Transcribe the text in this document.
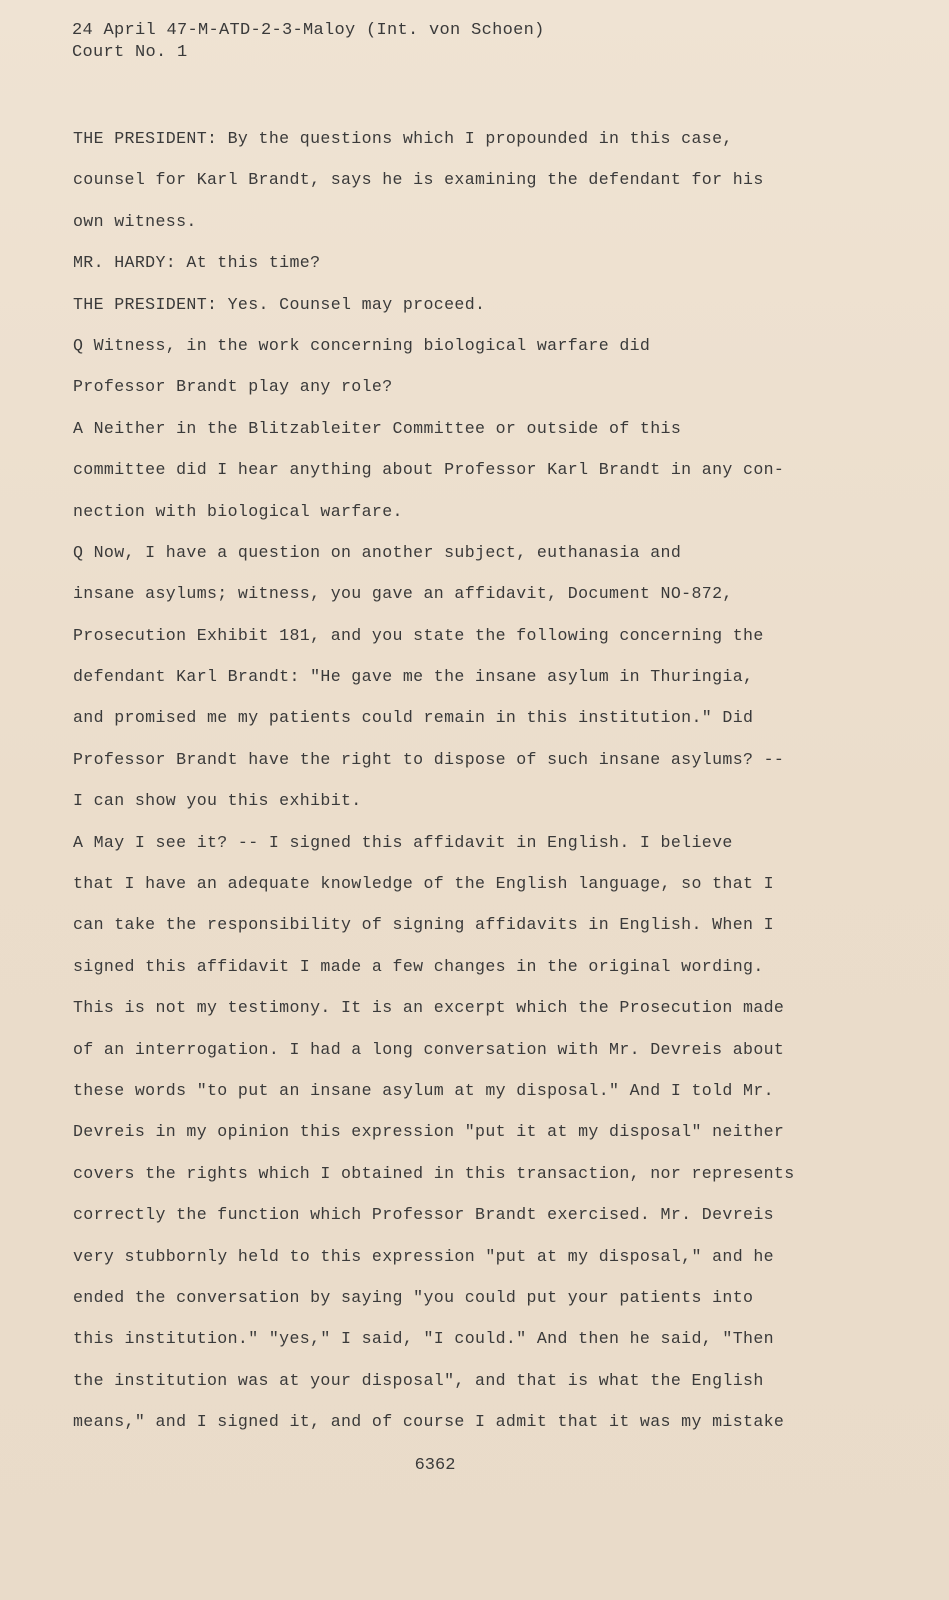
24 April 47-M-ATD-2-3-Maloy (Int. von Schoen)
Court No. 1
THE PRESIDENT: By the questions which I propounded in this case,
counsel for Karl Brandt, says he is examining the defendant for his
own witness.
MR. HARDY: At this time?
THE PRESIDENT: Yes. Counsel may proceed.
Q Witness, in the work concerning biological warfare did
Professor Brandt play any role?
A Neither in the Blitzableiter Committee or outside of this
committee did I hear anything about Professor Karl Brandt in any con-
nection with biological warfare.
Q Now, I have a question on another subject, euthanasia and
insane asylums; witness, you gave an affidavit, Document NO-872,
Prosecution Exhibit 181, and you state the following concerning the
defendant Karl Brandt: "He gave me the insane asylum in Thuringia,
and promised me my patients could remain in this institution." Did
Professor Brandt have the right to dispose of such insane asylums? --
I can show you this exhibit.
A May I see it? -- I signed this affidavit in English. I believe
that I have an adequate knowledge of the English language, so that I
can take the responsibility of signing affidavits in English. When I
signed this affidavit I made a few changes in the original wording.
This is not my testimony. It is an excerpt which the Prosecution made
of an interrogation. I had a long conversation with Mr. Devreis about
these words "to put an insane asylum at my disposal." And I told Mr.
Devreis in my opinion this expression "put it at my disposal" neither
covers the rights which I obtained in this transaction, nor represents
correctly the function which Professor Brandt exercised. Mr. Devreis
very stubbornly held to this expression "put at my disposal," and he
ended the conversation by saying "you could put your patients into
this institution." "yes," I said, "I could." And then he said, "Then
the institution was at your disposal", and that is what the English
means," and I signed it, and of course I admit that it was my mistake
6362
